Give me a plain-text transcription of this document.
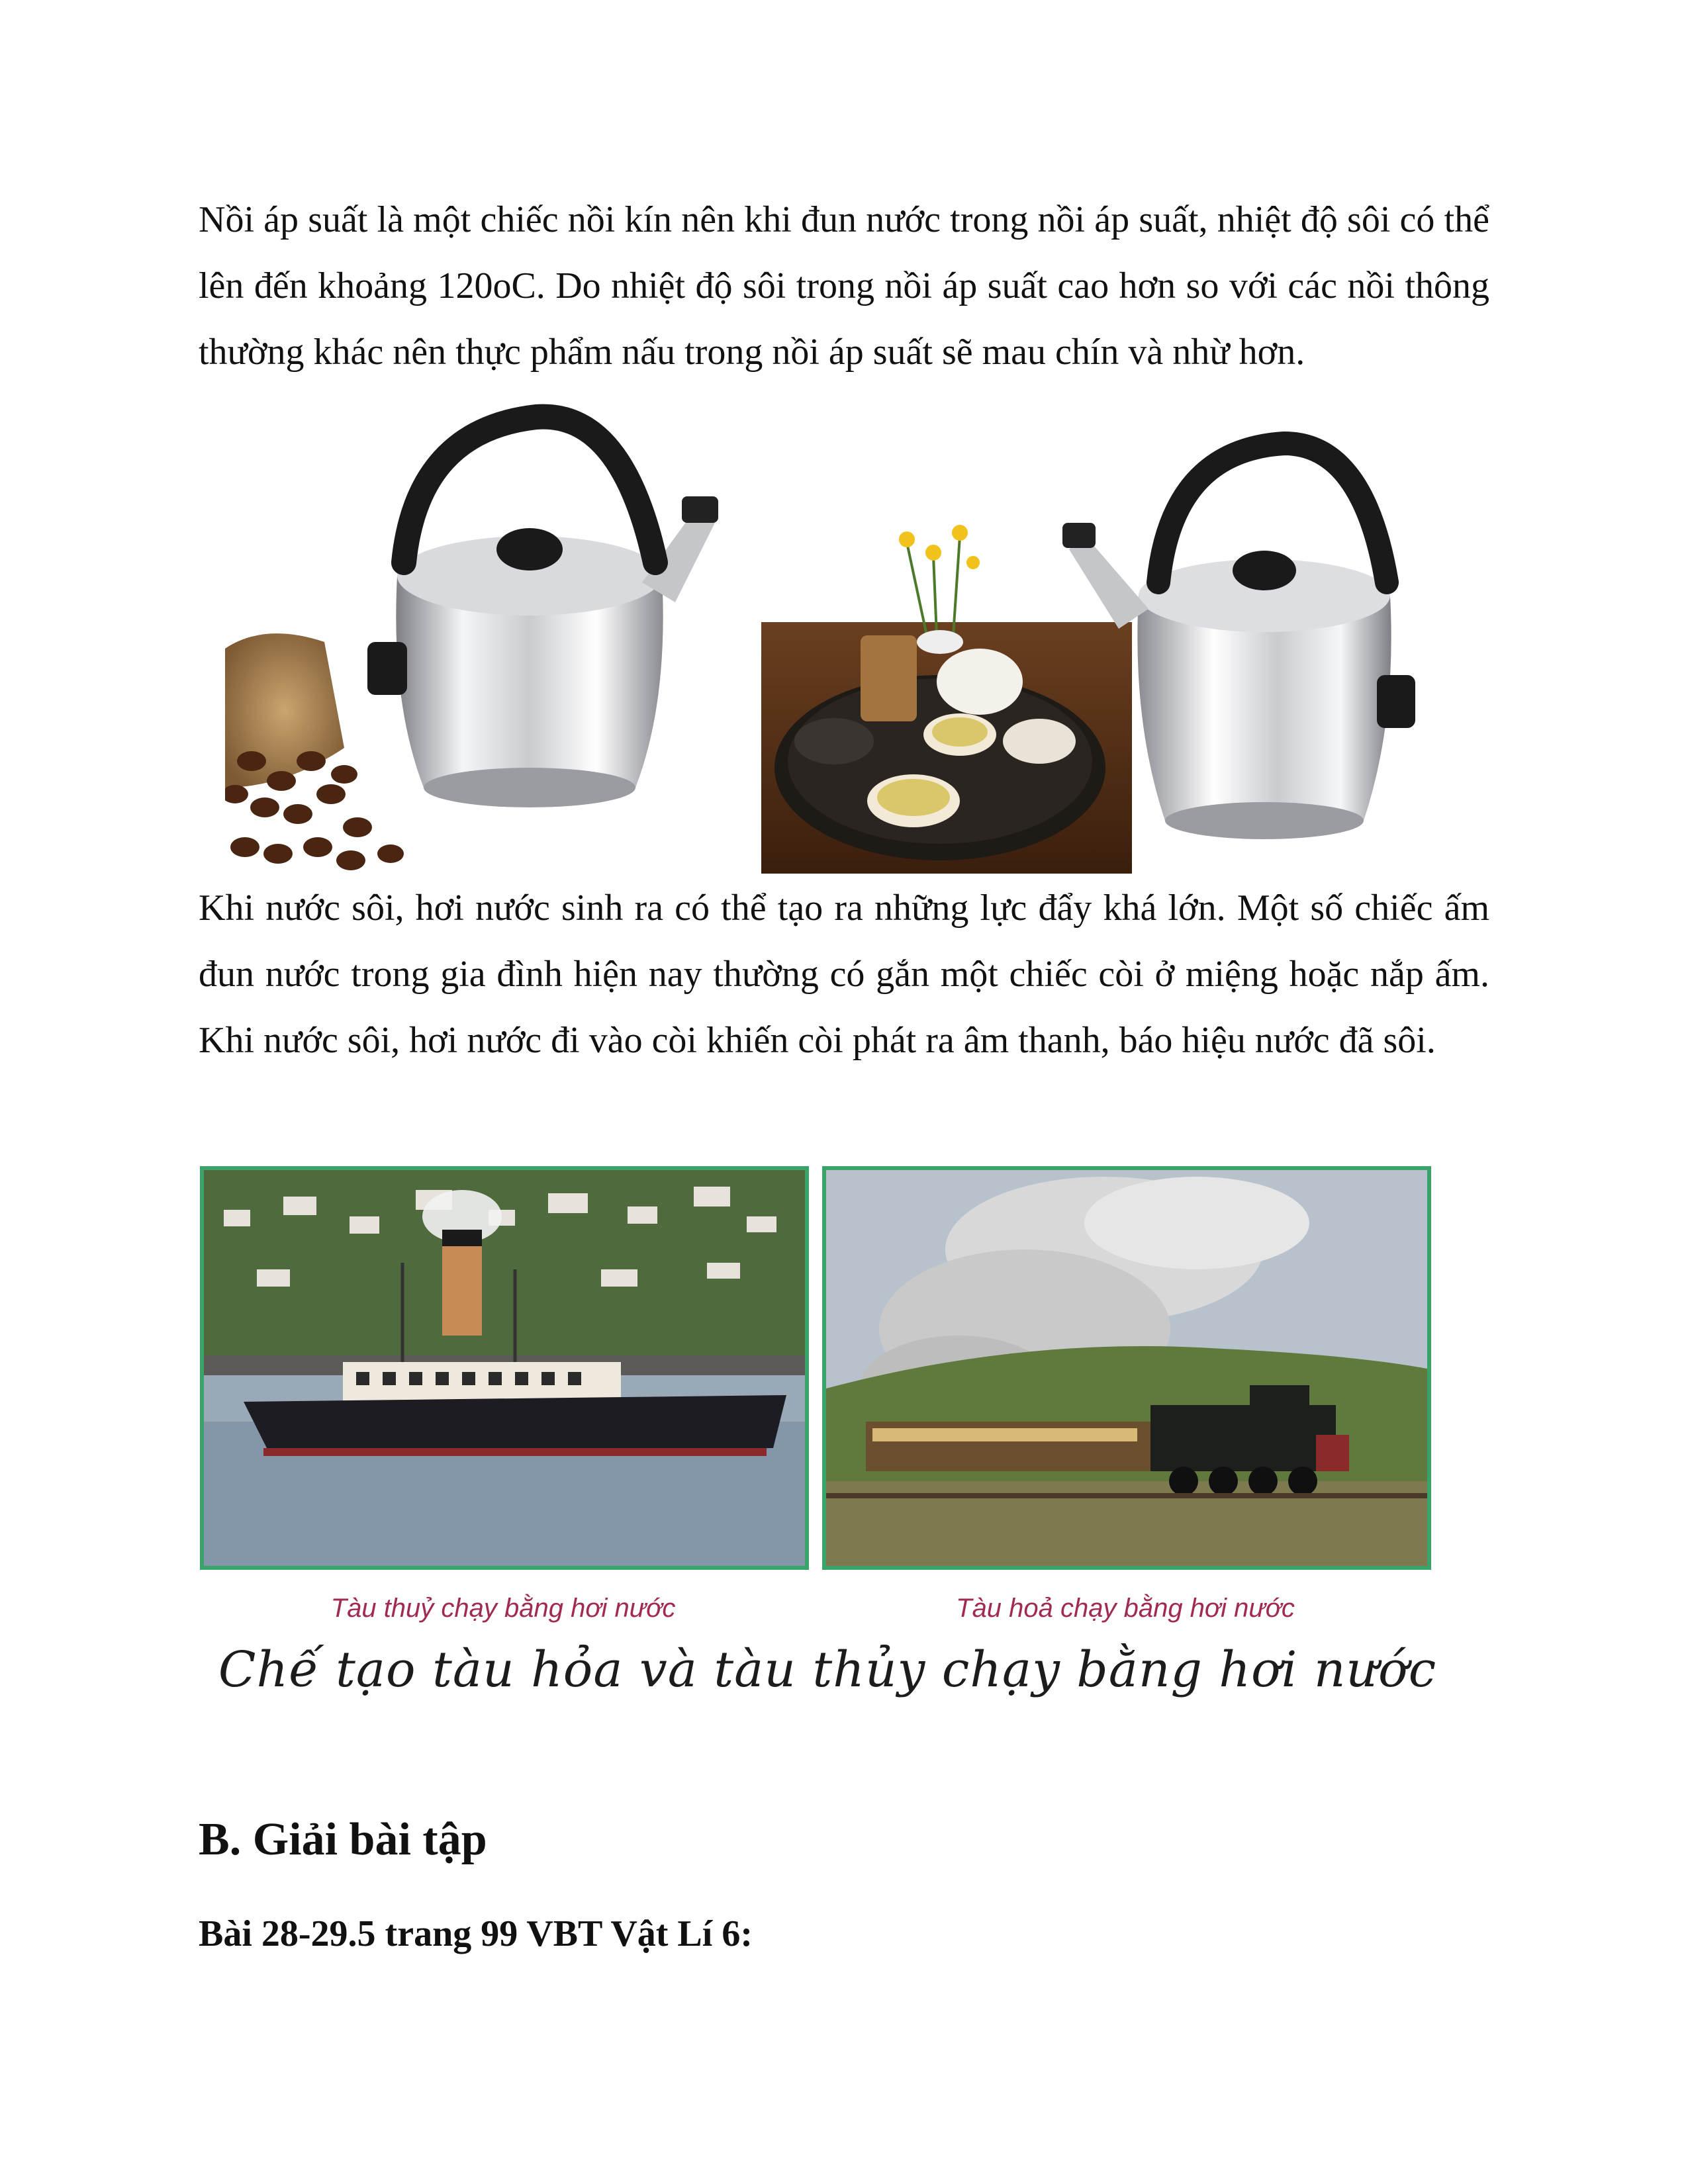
Nồi áp suất là một chiếc nồi kín nên khi đun nước trong nồi áp suất, nhiệt độ sôi có thể lên đến khoảng 120oC. Do nhiệt độ sôi trong nồi áp suất cao hơn so với các nồi thông thường khác nên thực phẩm nấu trong nồi áp suất sẽ mau chín và nhừ hơn.

Khi nước sôi, hơi nước sinh ra có thể tạo ra những lực đẩy khá lớn. Một số chiếc ấm đun nước trong gia đình hiện nay thường có gắn một chiếc còi ở miệng hoặc nắp ấm. Khi nước sôi, hơi nước đi vào còi khiến còi phát ra âm thanh, báo hiệu nước đã sôi.

Tàu thuỷ chạy bằng hơi nước	Tàu hoả chạy bằng hơi nước
Chế tạo tàu hỏa và tàu thủy chạy bằng hơi nước
B. Giải bài tập

Bài 28-29.5 trang 99 VBT Vật Lí 6:
